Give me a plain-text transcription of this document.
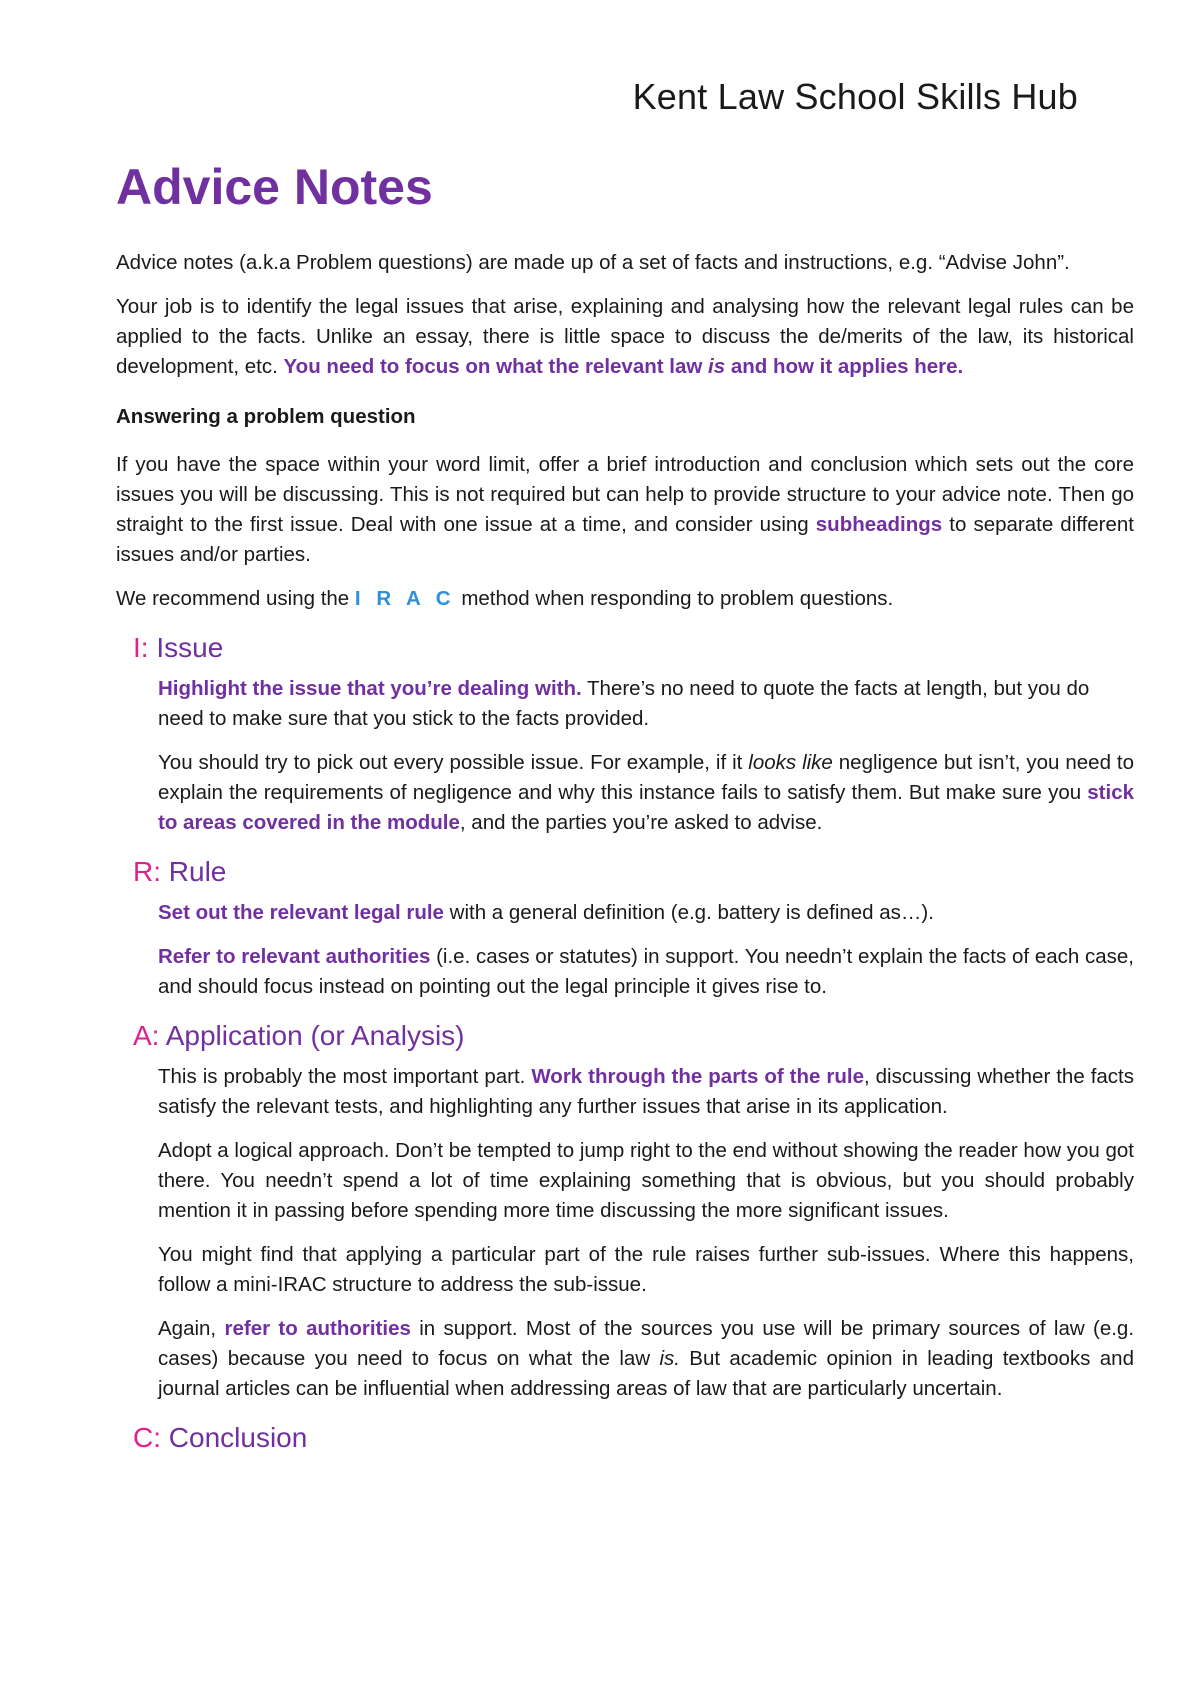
Kent Law School Skills Hub
Advice Notes

Advice notes (a.k.a Problem questions) are made up of a set of facts and instructions, e.g. “Advise John”.

Your job is to identify the legal issues that arise, explaining and analysing how the relevant legal rules can be applied to the facts. Unlike an essay, there is little space to discuss the de/merits of the law, its historical development, etc. You need to focus on what the relevant law is and how it applies here.

Answering a problem question

If you have the space within your word limit, offer a brief introduction and conclusion which sets out the core issues you will be discussing. This is not required but can help to provide structure to your advice note. Then go straight to the first issue. Deal with one issue at a time, and consider using subheadings to separate different issues and/or parties.

We recommend using the I R A C method when responding to problem questions.

I: Issue

Highlight the issue that you’re dealing with. There’s no need to quote the facts at length, but you do need to make sure that you stick to the facts provided.

You should try to pick out every possible issue. For example, if it looks like negligence but isn’t, you need to explain the requirements of negligence and why this instance fails to satisfy them. But make sure you stick to areas covered in the module, and the parties you’re asked to advise.

R: Rule

Set out the relevant legal rule with a general definition (e.g. battery is defined as…).

Refer to relevant authorities (i.e. cases or statutes) in support. You needn’t explain the facts of each case, and should focus instead on pointing out the legal principle it gives rise to.

A: Application (or Analysis)

This is probably the most important part. Work through the parts of the rule, discussing whether the facts satisfy the relevant tests, and highlighting any further issues that arise in its application.

Adopt a logical approach. Don’t be tempted to jump right to the end without showing the reader how you got there. You needn’t spend a lot of time explaining something that is obvious, but you should probably mention it in passing before spending more time discussing the more significant issues.

You might find that applying a particular part of the rule raises further sub-issues. Where this happens, follow a mini-IRAC structure to address the sub-issue.

Again, refer to authorities in support. Most of the sources you use will be primary sources of law (e.g. cases) because you need to focus on what the law is. But academic opinion in leading textbooks and journal articles can be influential when addressing areas of law that are particularly uncertain.

C: Conclusion
